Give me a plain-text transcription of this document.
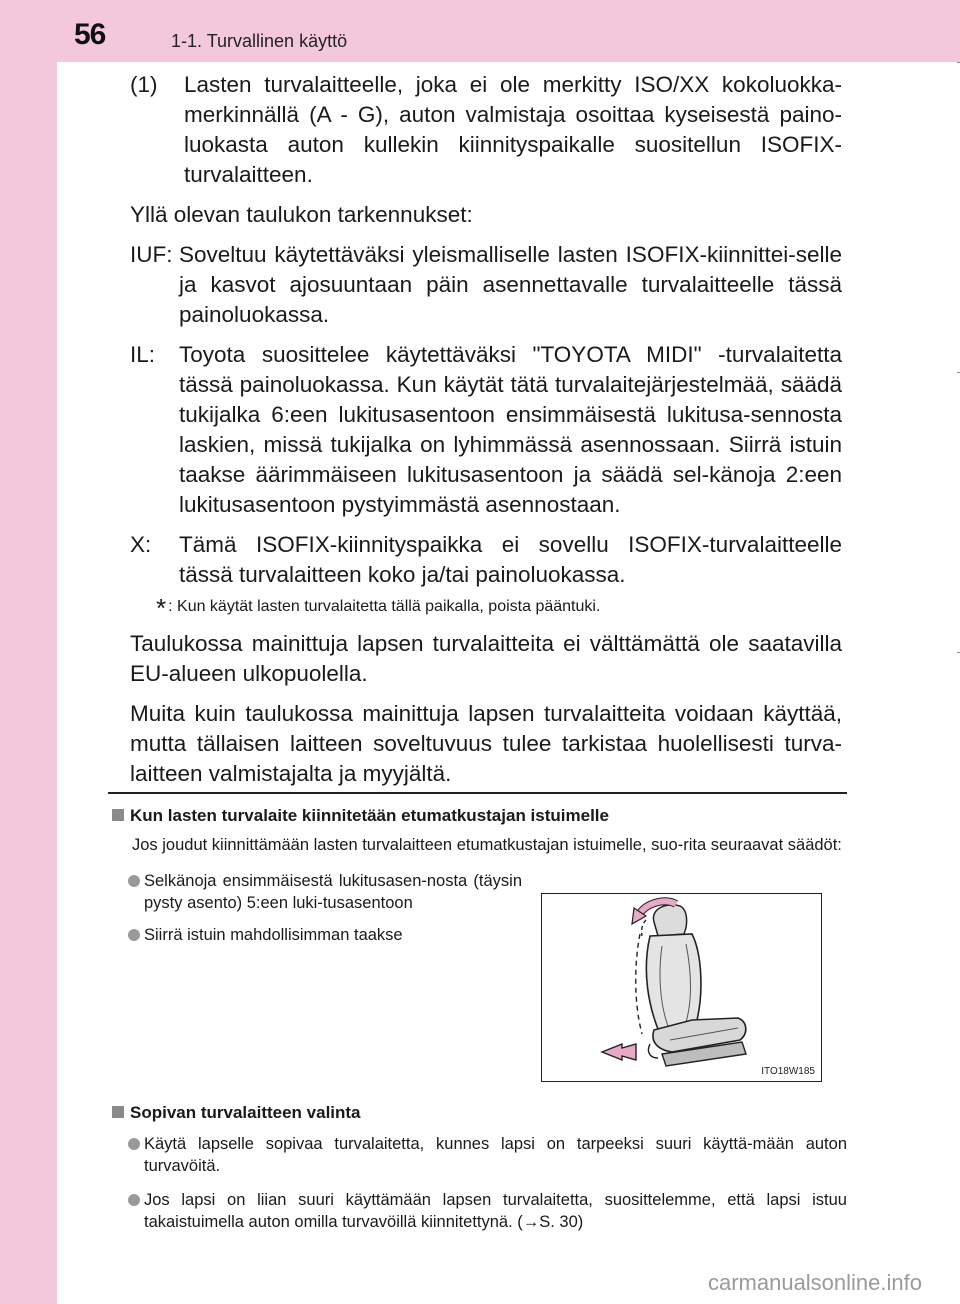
56	1-1. Turvallinen käyttö
(1)	Lasten turvalaitteelle, joka ei ole merkitty ISO/XX kokoluokka-merkinnällä (A - G), auton valmistaja osoittaa kyseisestä paino-luokasta auton kullekin kiinnityspaikalle suositellun ISOFIX-turvalaitteen.

Yllä olevan taulukon tarkennukset:

IUF: Soveltuu käytettäväksi yleismalliselle lasten ISOFIX-kiinnittei-selle ja kasvot ajosuuntaan päin asennettavalle turvalaitteelle tässä painoluokassa.
IL:	Toyota suosittelee käytettäväksi "TOYOTA MIDI" -turvalaitetta tässä painoluokassa. Kun käytät tätä turvalaitejärjestelmää, säädä tukijalka 6:een lukitusasentoon ensimmäisestä lukitusa-sennosta laskien, missä tukijalka on lyhimmässä asennossaan. Siirrä istuin taakse äärimmäiseen lukitusasentoon ja säädä sel-känoja 2:een lukitusasentoon pystyimmästä asennostaan.
X:	Tämä ISOFIX-kiinnityspaikka ei sovellu ISOFIX-turvalaitteelle tässä turvalaitteen koko ja/tai painoluokassa.
* : Kun käytät lasten turvalaitetta tällä paikalla, poista pääntuki.

Taulukossa mainittuja lapsen turvalaitteita ei välttämättä ole saatavilla EU-alueen ulkopuolella.

Muita kuin taulukossa mainittuja lapsen turvalaitteita voidaan käyttää, mutta tällaisen laitteen soveltuvuus tulee tarkistaa huolellisesti turva-laitteen valmistajalta ja myyjältä.

Kun lasten turvalaite kiinnitetään etumatkustajan istuimelle
Jos joudut kiinnittämään lasten turvalaitteen etumatkustajan istuimelle, suo-rita seuraavat säädöt:
Selkänoja ensimmäisestä lukitusasen-nosta (täysin pysty asento) 5:een luki-tusasentoon
Siirrä istuin mahdollisimman taakse
ITO18W185
Sopivan turvalaitteen valinta
Käytä lapselle sopivaa turvalaitetta, kunnes lapsi on tarpeeksi suuri käyttä-mään auton turvavöitä.
Jos lapsi on liian suuri käyttämään lapsen turvalaitetta, suosittelemme, että lapsi istuu takaistuimella auton omilla turvavöillä kiinnitettynä. (→S. 30)
carmanualsonline.info
